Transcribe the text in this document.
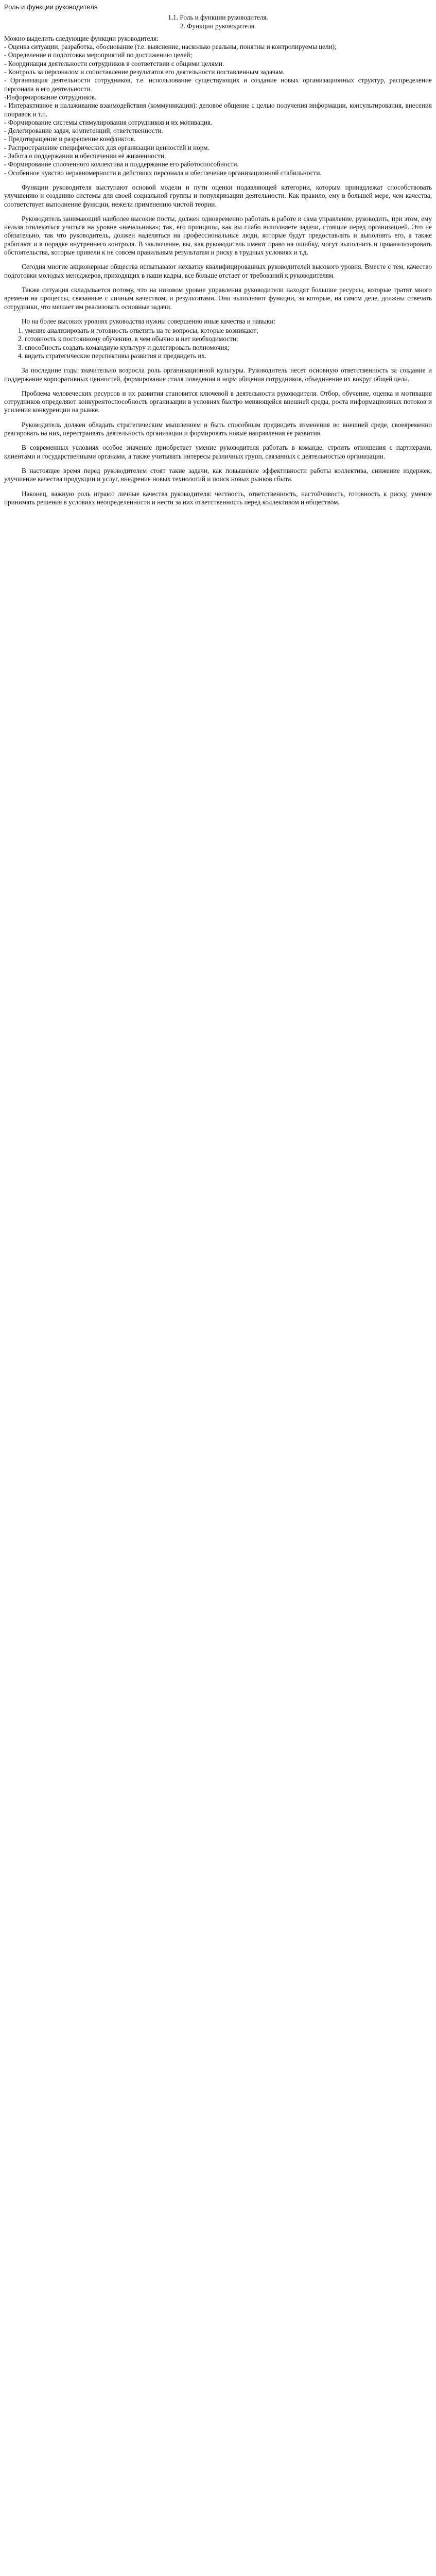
Роль и функции руководителя

1.1. Роль и функции руководителя.

2. Функции руководителя.

Можно выделить следующие функции руководителя:

- Оценка ситуации, разработка, обоснование (т.е. выяснение, насколько реальны, понятны и контролируемы цели);

- Определение и подготовка мероприятий по достижению целей;

- Координация деятельности сотрудников в соответствии с общими целями.

- Контроль за персоналом и сопоставление результатов его деятельности поставленным задачам.

- Организация деятельности сотрудников, т.е. использование существующих и создание новых организационных структур, распределение персонала и его деятельности.

-Информирование сотрудников.

- Интерактивное и налаживание взаимодействия (коммуникации): деловое общение с целью получения информации, консультирования, внесения поправок и т.п.

- Формирование системы стимулирования сотрудников и их мотивация.

- Делегирование задач, компетенций, ответственности.

- Предотвращение и разрешение конфликтов.

- Распространение специфических для организации ценностей и норм.

- Забота о поддержании и обеспечении её жизненности.

- Формирование сплоченного коллектива и поддержание его работоспособности.

- Особенное чувство неравномерности в действиях персонала и обеспечение организационной стабильности.

Функции руководителя выступают основой модели и пути оценки подавляющей категории, которым принадлежат способствовать улучшению и созданию системы для своей социальной группы и популяризации деятельности. Как правило, ему в большей мере, чем качества, соответствует выполнение функции, нежели применению чистой теории.

Руководитель занимающий наиболее высокие посты, должен одновременно работать в работе и сама управление, руководить, при этом, ему нельзя отвлекаться учиться на уровне «начальника»; так, его принципы, как вы слабо выполняете задачи, стоящие перед организацией. Это не обязательно, так что руководитель, должен наделяться на профессиональные люди, которые будут предоставлять и выполнять его, а также работают и в порядке внутреннего контроля. В заключение, вы, как руководитель имеют право на ошибку, могут выполнить и проанализировать обстоятельства, которые привели к не совсем правильным результатам и риску в трудных условиях и т.д.

Сегодня многие акционерные общества испытывают нехватку квалифицированных руководителей высокого уровня. Вместе с тем, качество подготовки молодых менеджеров, приходящих в наши кадры, все больше отстает от требований к руководителям.

Также ситуация складывается потому, что на низовом уровне управления руководители находят большие ресурсы, которые тратят много времени на процессы, связанные с личным качеством, и результатами. Они выполняют функции, за которые, на самом деле, должны отвечать сотрудники, что мешает им реализовать основные задачи.

Но на более высоких уровнях руководства нужны совершенно иные качества и навыки:

1. умение анализировать и готовность ответить на те вопросы, которые возникают;
2. готовность к постоянному обучению, в чем обычно и нет необходимости;
3. способность создать командную культуру и делегировать полномочия;
4. видеть стратегические перспективы развития и предвидеть их.

За последние годы значительно возросла роль организационной культуры. Руководитель несет основную ответственность за создание и поддержание корпоративных ценностей, формирование стиля поведения и норм общения сотрудников, объединение их вокруг общей цели.

Проблема человеческих ресурсов и их развития становится ключевой в деятельности руководителя. Отбор, обучение, оценка и мотивация сотрудников определяют конкурентоспособность организации в условиях быстро меняющейся внешней среды, роста информационных потоков и усиления конкуренции на рынке.

Руководитель должен обладать стратегическим мышлением и быть способным предвидеть изменения во внешней среде, своевременно реагировать на них, перестраивать деятельность организации и формировать новые направления ее развития.

В современных условиях особое значение приобретает умение руководителя работать в команде, строить отношения с партнерами, клиентами и государственными органами, а также учитывать интересы различных групп, связанных с деятельностью организации.

В настоящее время перед руководителем стоят такие задачи, как повышение эффективности работы коллектива, снижение издержек, улучшение качества продукции и услуг, внедрение новых технологий и поиск новых рынков сбыта.

Наконец, важную роль играют личные качества руководителя: честность, ответственность, настойчивость, готовность к риску, умение принимать решения в условиях неопределенности и нести за них ответственность перед коллективом и обществом.
